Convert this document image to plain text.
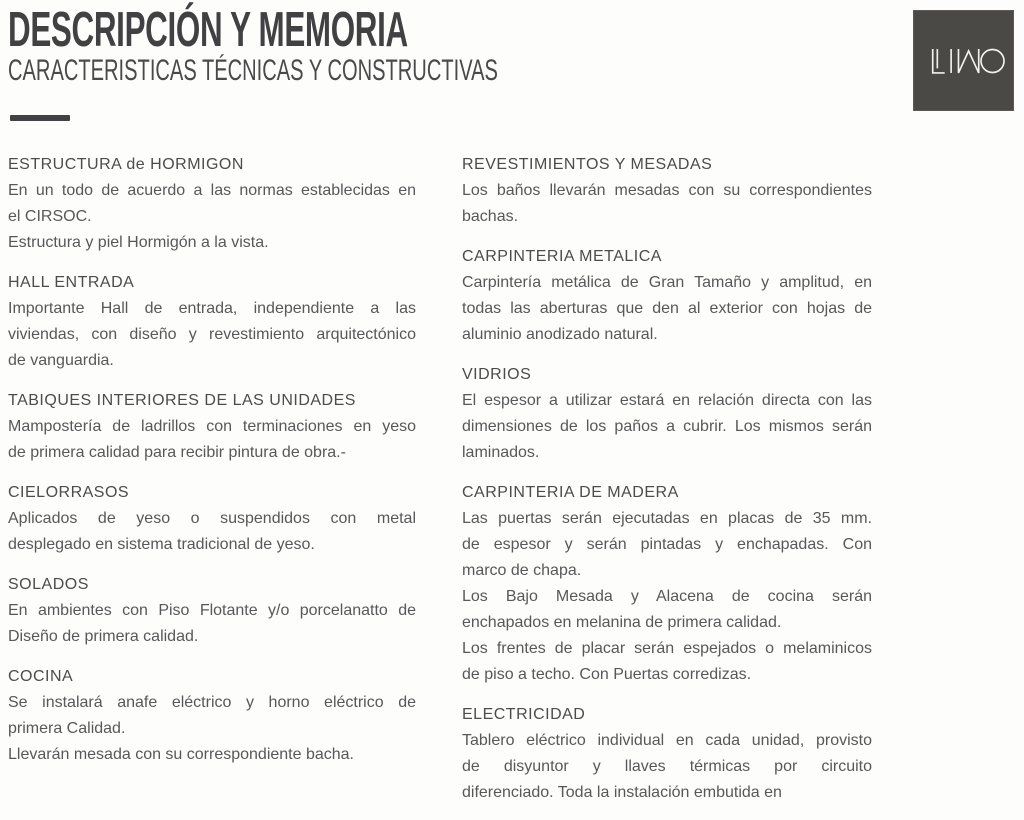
DESCRIPCIÓN Y MEMORIA
CARACTERISTICAS TÉCNICAS Y CONSTRUCTIVAS
ESTRUCTURA de HORMIGON
En un todo de acuerdo a las normas establecidas en
el CIRSOC.
Estructura y piel Hormigón a la vista.
HALL ENTRADA
Importante Hall de entrada, independiente a las
viviendas, con diseño y revestimiento arquitectónico
de vanguardia.
TABIQUES INTERIORES DE LAS UNIDADES
Mampostería de ladrillos con terminaciones en yeso
de primera calidad para recibir pintura de obra.-
CIELORRASOS
Aplicados de yeso o suspendidos con metal
desplegado en sistema tradicional de yeso.
SOLADOS
En ambientes con Piso Flotante y/o porcelanatto de
Diseño de primera calidad.
COCINA
Se instalará anafe eléctrico y horno eléctrico de
primera Calidad.
Llevarán mesada con su correspondiente bacha.
REVESTIMIENTOS Y MESADAS
Los baños llevarán mesadas con su correspondientes
bachas.
CARPINTERIA METALICA
Carpintería metálica de Gran Tamaño y amplitud, en
todas las aberturas que den al exterior con hojas de
aluminio anodizado natural.
VIDRIOS
El espesor a utilizar estará en relación directa con las
dimensiones de los paños a cubrir. Los mismos serán
laminados.
CARPINTERIA DE MADERA
Las puertas serán ejecutadas en placas de 35 mm.
de espesor y serán pintadas y enchapadas. Con
marco de chapa.
Los Bajo Mesada y Alacena de cocina serán
enchapados en melanina de primera calidad.
Los frentes de placar serán espejados o melaminicos
de piso a techo. Con Puertas corredizas.
ELECTRICIDAD
Tablero eléctrico individual en cada unidad, provisto
de disyuntor y llaves térmicas por circuito
diferenciado. Toda la instalación embutida en
